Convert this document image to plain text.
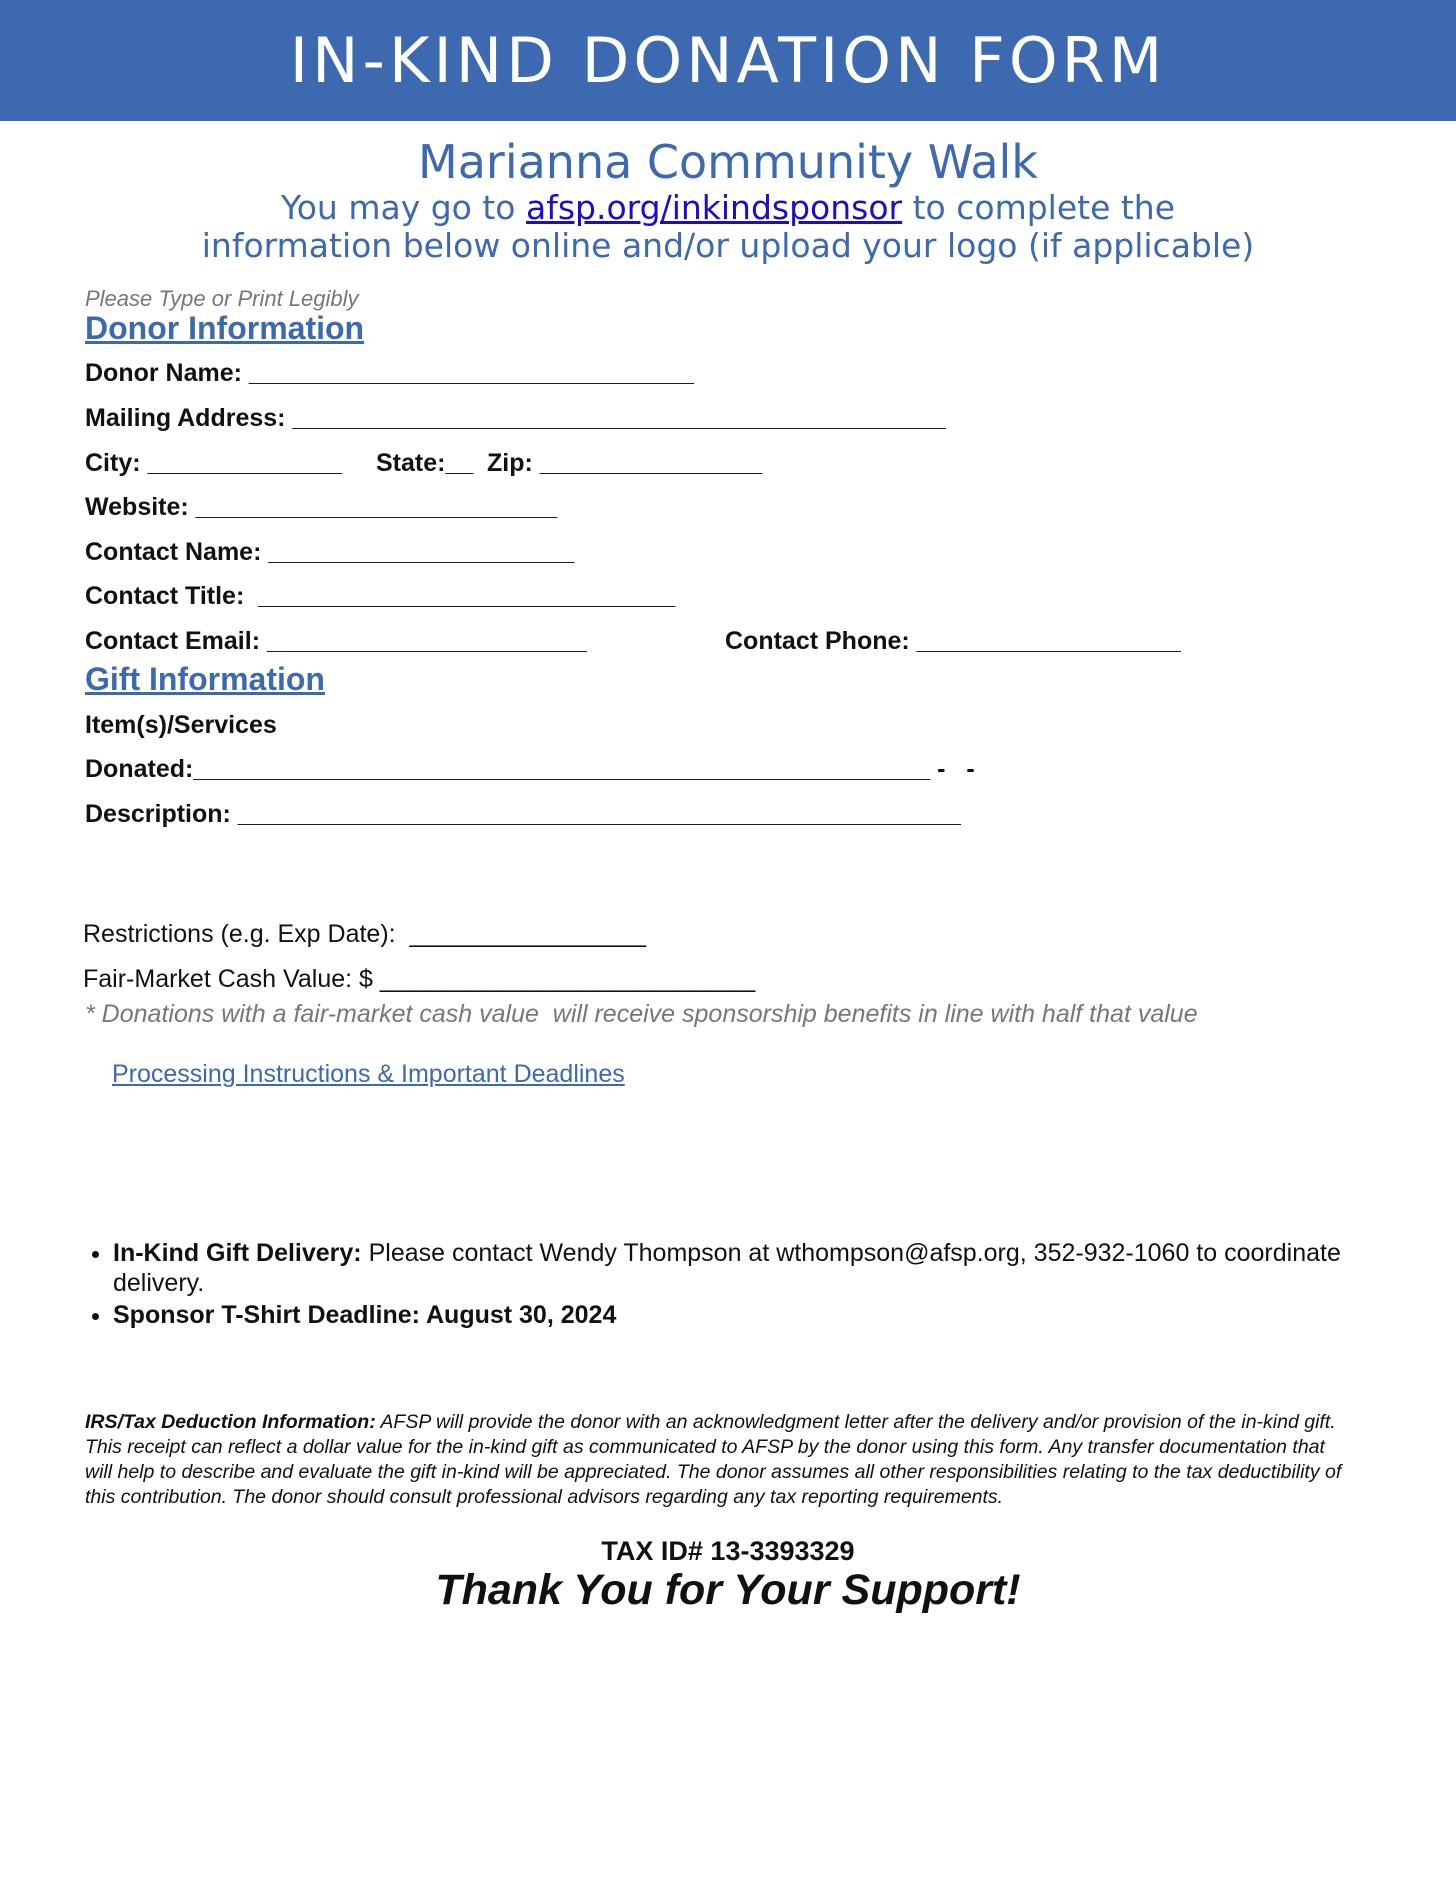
IN-KIND DONATION FORM
Marianna Community Walk
You may go to afsp.org/inkindsponsor to complete the
information below online and/or upload your logo (if applicable)
Please Type or Print Legibly
Donor Information
Donor Name: ________________________________
Mailing Address: _______________________________________________
City: ______________ State:__ Zip: ________________
Website: __________________________
Contact Name: ______________________
Contact Title:  ______________________________
Contact Email: _______________________	Contact Phone: ___________________
Gift Information
Item(s)/Services
Donated:_____________________________________________________ -   -
Description: ____________________________________________________
Restrictions (e.g. Exp Date):  _________________
Fair-Market Cash Value: $ ___________________________
* Donations with a fair-market cash value  will receive sponsorship benefits in line with half that value
Processing Instructions & Important Deadlines
• In-Kind Gift Delivery: Please contact Wendy Thompson at wthompson@afsp.org, 352-932-1060 to coordinate delivery.
• Sponsor T-Shirt Deadline: August 30, 2024
IRS/Tax Deduction Information: AFSP will provide the donor with an acknowledgment letter after the delivery and/or provision of the in-kind gift. This receipt can reflect a dollar value for the in-kind gift as communicated to AFSP by the donor using this form. Any transfer documentation that will help to describe and evaluate the gift in-kind will be appreciated. The donor assumes all other responsibilities relating to the tax deductibility of this contribution. The donor should consult professional advisors regarding any tax reporting requirements.
TAX ID# 13-3393329
Thank You for Your Support!
